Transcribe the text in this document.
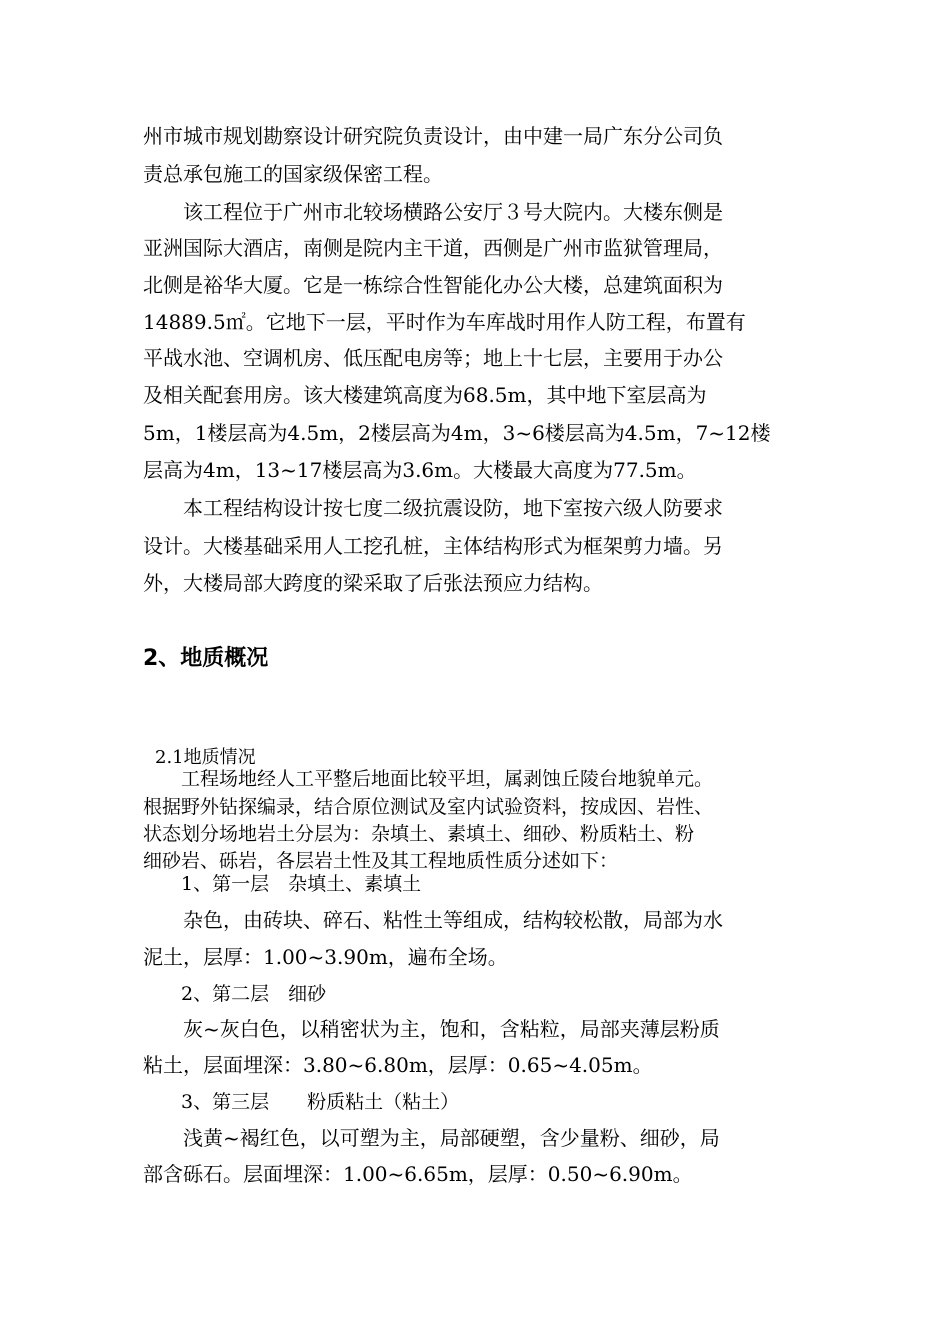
州市城市规划勘察设计研究院负责设计，由中建一局广东分公司负
责总承包施工的国家级保密工程。
　　该工程位于广州市北较场横路公安厅３号大院内。大楼东侧是
亚洲国际大酒店，南侧是院内主干道，西侧是广州市监狱管理局，
北侧是裕华大厦。它是一栋综合性智能化办公大楼，总建筑面积为
14889.5㎡。它地下一层，平时作为车库战时用作人防工程，布置有
平战水池、空调机房、低压配电房等；地上十七层，主要用于办公
及相关配套用房。该大楼建筑高度为68.5m，其中地下室层高为
5m，1楼层高为4.5m，2楼层高为4m，3~6楼层高为4.5m，7~12楼
层高为4m，13~17楼层高为3.6m。大楼最大高度为77.5m。
　　本工程结构设计按七度二级抗震设防，地下室按六级人防要求
设计。大楼基础采用人工挖孔桩，主体结构形式为框架剪力墙。另
外，大楼局部大跨度的梁采取了后张法预应力结构。
2、地质概况
2.1地质情况
　　工程场地经人工平整后地面比较平坦，属剥蚀丘陵台地貌单元。
根据野外钻探编录，结合原位测试及室内试验资料，按成因、岩性、
状态划分场地岩土分层为：杂填土、素填土、细砂、粉质粘土、粉
细砂岩、砾岩，各层岩土性及其工程地质性质分述如下：
　　1、第一层　杂填土、素填土
　　杂色，由砖块、碎石、粘性土等组成，结构较松散，局部为水
泥土，层厚：1.00~3.90m，遍布全场。
　　2、第二层　细砂
　　灰~灰白色，以稍密状为主，饱和，含粘粒，局部夹薄层粉质
粘土，层面埋深：3.80~6.80m，层厚：0.65~4.05m。
　　3、第三层　　粉质粘土（粘土）
　　浅黄~褐红色，以可塑为主，局部硬塑，含少量粉、细砂，局
部含砾石。层面埋深：1.00~6.65m，层厚：0.50~6.90m。
